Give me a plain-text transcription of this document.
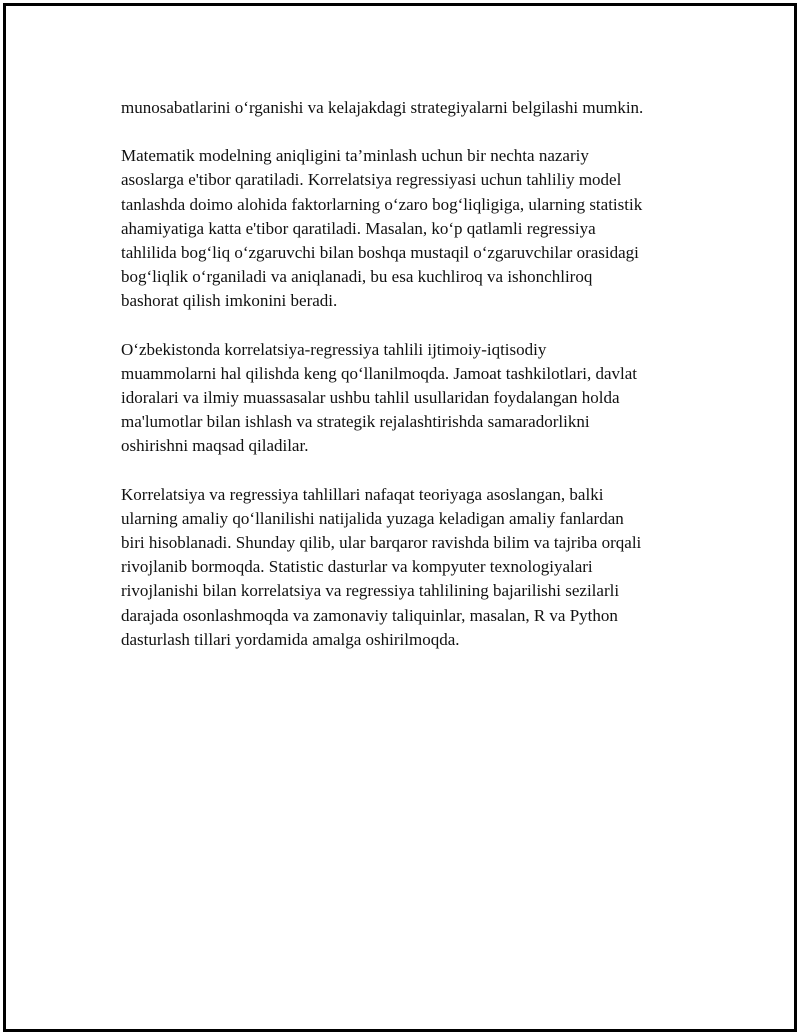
munosabatlarini o‘rganishi va kelajakdagi strategiyalarni belgilashi mumkin.

Matematik modelning aniqligini ta’minlash uchun bir nechta nazariy
asoslarga e'tibor qaratiladi. Korrelatsiya regressiyasi uchun tahliliy model
tanlashda doimo alohida faktorlarning o‘zaro bog‘liqligiga, ularning statistik
ahamiyatiga katta e'tibor qaratiladi. Masalan, ko‘p qatlamli regressiya
tahlilida bog‘liq o‘zgaruvchi bilan boshqa mustaqil o‘zgaruvchilar orasidagi
bog‘liqlik o‘rganiladi va aniqlanadi, bu esa kuchliroq va ishonchliroq
bashorat qilish imkonini beradi.

O‘zbekistonda korrelatsiya-regressiya tahlili ijtimoiy-iqtisodiy
muammolarni hal qilishda keng qo‘llanilmoqda. Jamoat tashkilotlari, davlat
idoralari va ilmiy muassasalar ushbu tahlil usullaridan foydalangan holda
ma'lumotlar bilan ishlash va strategik rejalashtirishda samaradorlikni
oshirishni maqsad qiladilar.

Korrelatsiya va regressiya tahlillari nafaqat teoriyaga asoslangan, balki
ularning amaliy qo‘llanilishi natijalida yuzaga keladigan amaliy fanlardan
biri hisoblanadi. Shunday qilib, ular barqaror ravishda bilim va tajriba orqali
rivojlanib bormoqda. Statistic dasturlar va kompyuter texnologiyalari
rivojlanishi bilan korrelatsiya va regressiya tahlilining bajarilishi sezilarli
darajada osonlashmoqda va zamonaviy taliquinlar, masalan, R va Python
dasturlash tillari yordamida amalga oshirilmoqda.
